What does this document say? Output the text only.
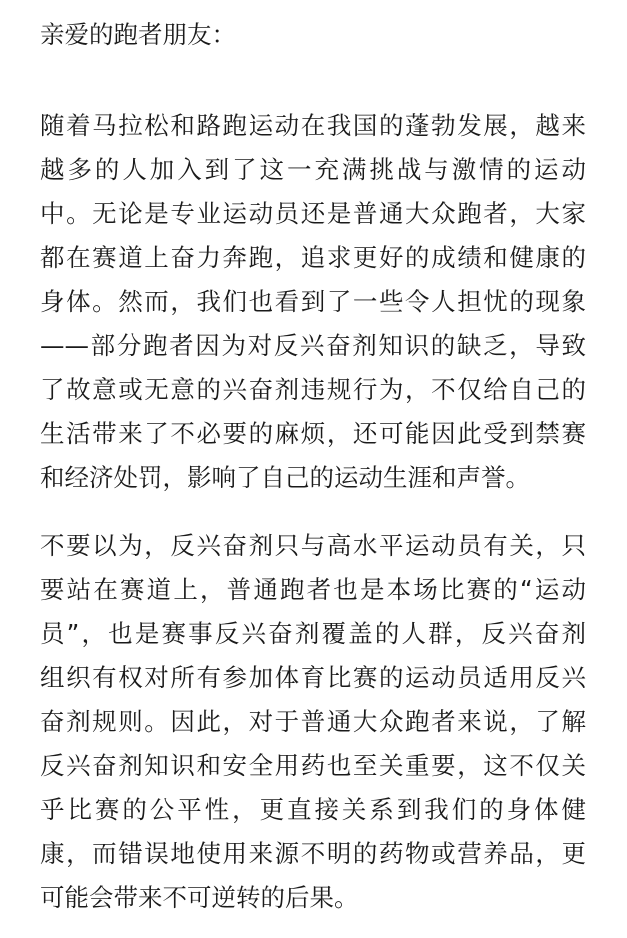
亲爱的跑者朋友：
随着马拉松和路跑运动在我国的蓬勃发展，越来
越多的人加入到了这一充满挑战与激情的运动
中。无论是专业运动员还是普通大众跑者，大家
都在赛道上奋力奔跑，追求更好的成绩和健康的
身体。然而，我们也看到了一些令人担忧的现象
——部分跑者因为对反兴奋剂知识的缺乏，导致
了故意或无意的兴奋剂违规行为，不仅给自己的
生活带来了不必要的麻烦，还可能因此受到禁赛
和经济处罚，影响了自己的运动生涯和声誉。
不要以为，反兴奋剂只与高水平运动员有关，只
要站在赛道上，普通跑者也是本场比赛的“运动
员”，也是赛事反兴奋剂覆盖的人群，反兴奋剂
组织有权对所有参加体育比赛的运动员适用反兴
奋剂规则。因此，对于普通大众跑者来说，了解
反兴奋剂知识和安全用药也至关重要，这不仅关
乎比赛的公平性，更直接关系到我们的身体健
康，而错误地使用来源不明的药物或营养品，更
可能会带来不可逆转的后果。
